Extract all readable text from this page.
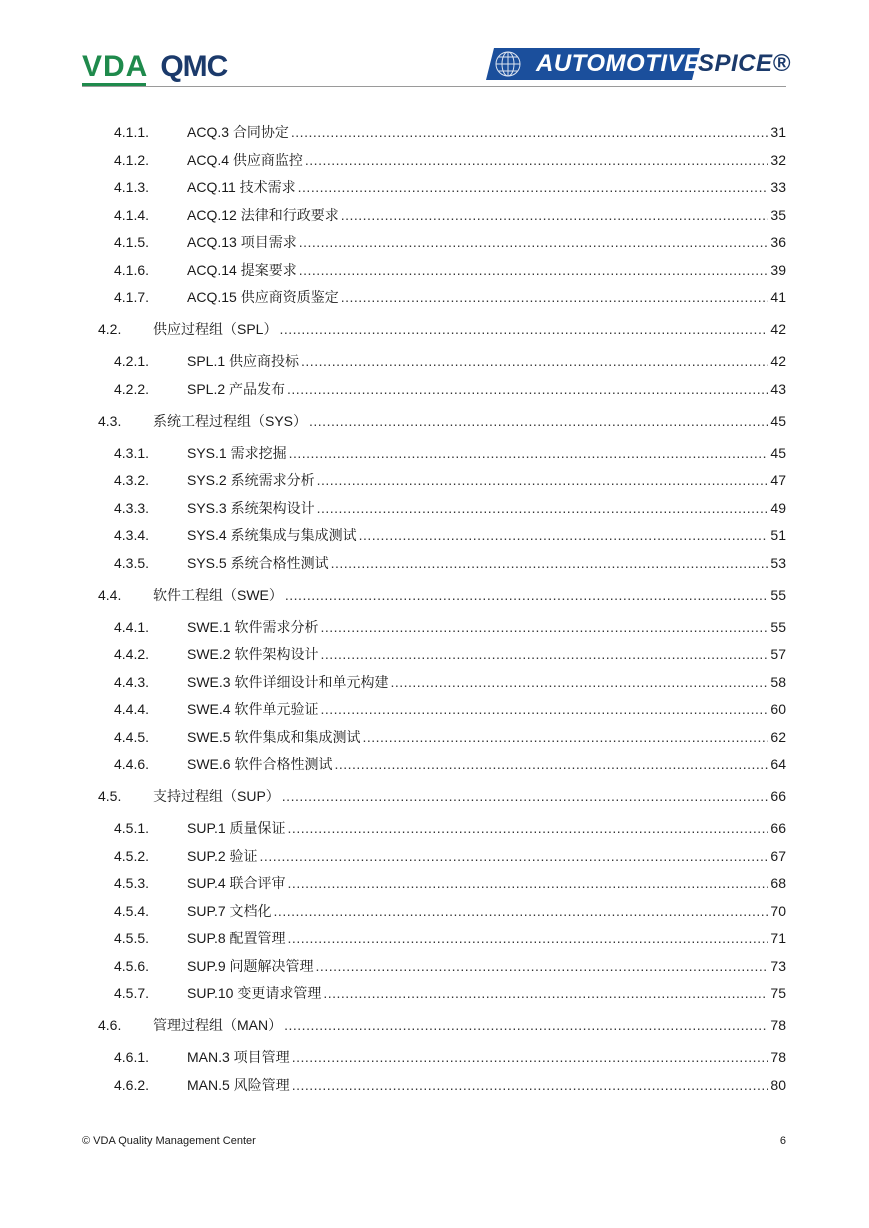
VDA QMC	AUTOMOTIVE
SPICE®
4.1.1.	ACQ.3 合同协定 .....	31
4.1.2.	ACQ.4 供应商监控 .....	32
4.1.3.	ACQ.11 技术需求 .....	33
4.1.4.	ACQ.12 法律和行政要求 .....	35
4.1.5.	ACQ.13 项目需求 .....	36
4.1.6.	ACQ.14 提案要求 .....	39
4.1.7.	ACQ.15 供应商资质鉴定 .....	41
4.2.	供应过程组（SPL） .....	42
4.2.1.	SPL.1 供应商投标 .....	42
4.2.2.	SPL.2 产品发布 .....	43
4.3.	系统工程过程组（SYS） .....	45
4.3.1.	SYS.1 需求挖掘 .....	45
4.3.2.	SYS.2 系统需求分析 .....	47
4.3.3.	SYS.3 系统架构设计 .....	49
4.3.4.	SYS.4 系统集成与集成测试 .....	51
4.3.5.	SYS.5 系统合格性测试 .....	53
4.4.	软件工程组（SWE） .....	55
4.4.1.	SWE.1 软件需求分析 .....	55
4.4.2.	SWE.2 软件架构设计 .....	57
4.4.3.	SWE.3 软件详细设计和单元构建 .....	58
4.4.4.	SWE.4 软件单元验证 .....	60
4.4.5.	SWE.5 软件集成和集成测试 .....	62
4.4.6.	SWE.6 软件合格性测试 .....	64
4.5.	支持过程组（SUP） .....	66
4.5.1.	SUP.1 质量保证 .....	66
4.5.2.	SUP.2 验证 .....	67
4.5.3.	SUP.4 联合评审 .....	68
4.5.4.	SUP.7 文档化 .....	70
4.5.5.	SUP.8 配置管理 .....	71
4.5.6.	SUP.9 问题解决管理 .....	73
4.5.7.	SUP.10 变更请求管理 .....	75
4.6.	管理过程组（MAN） .....	78
4.6.1.	MAN.3 项目管理 .....	78
4.6.2.	MAN.5 风险管理 .....	80
© VDA Quality Management Center	6
